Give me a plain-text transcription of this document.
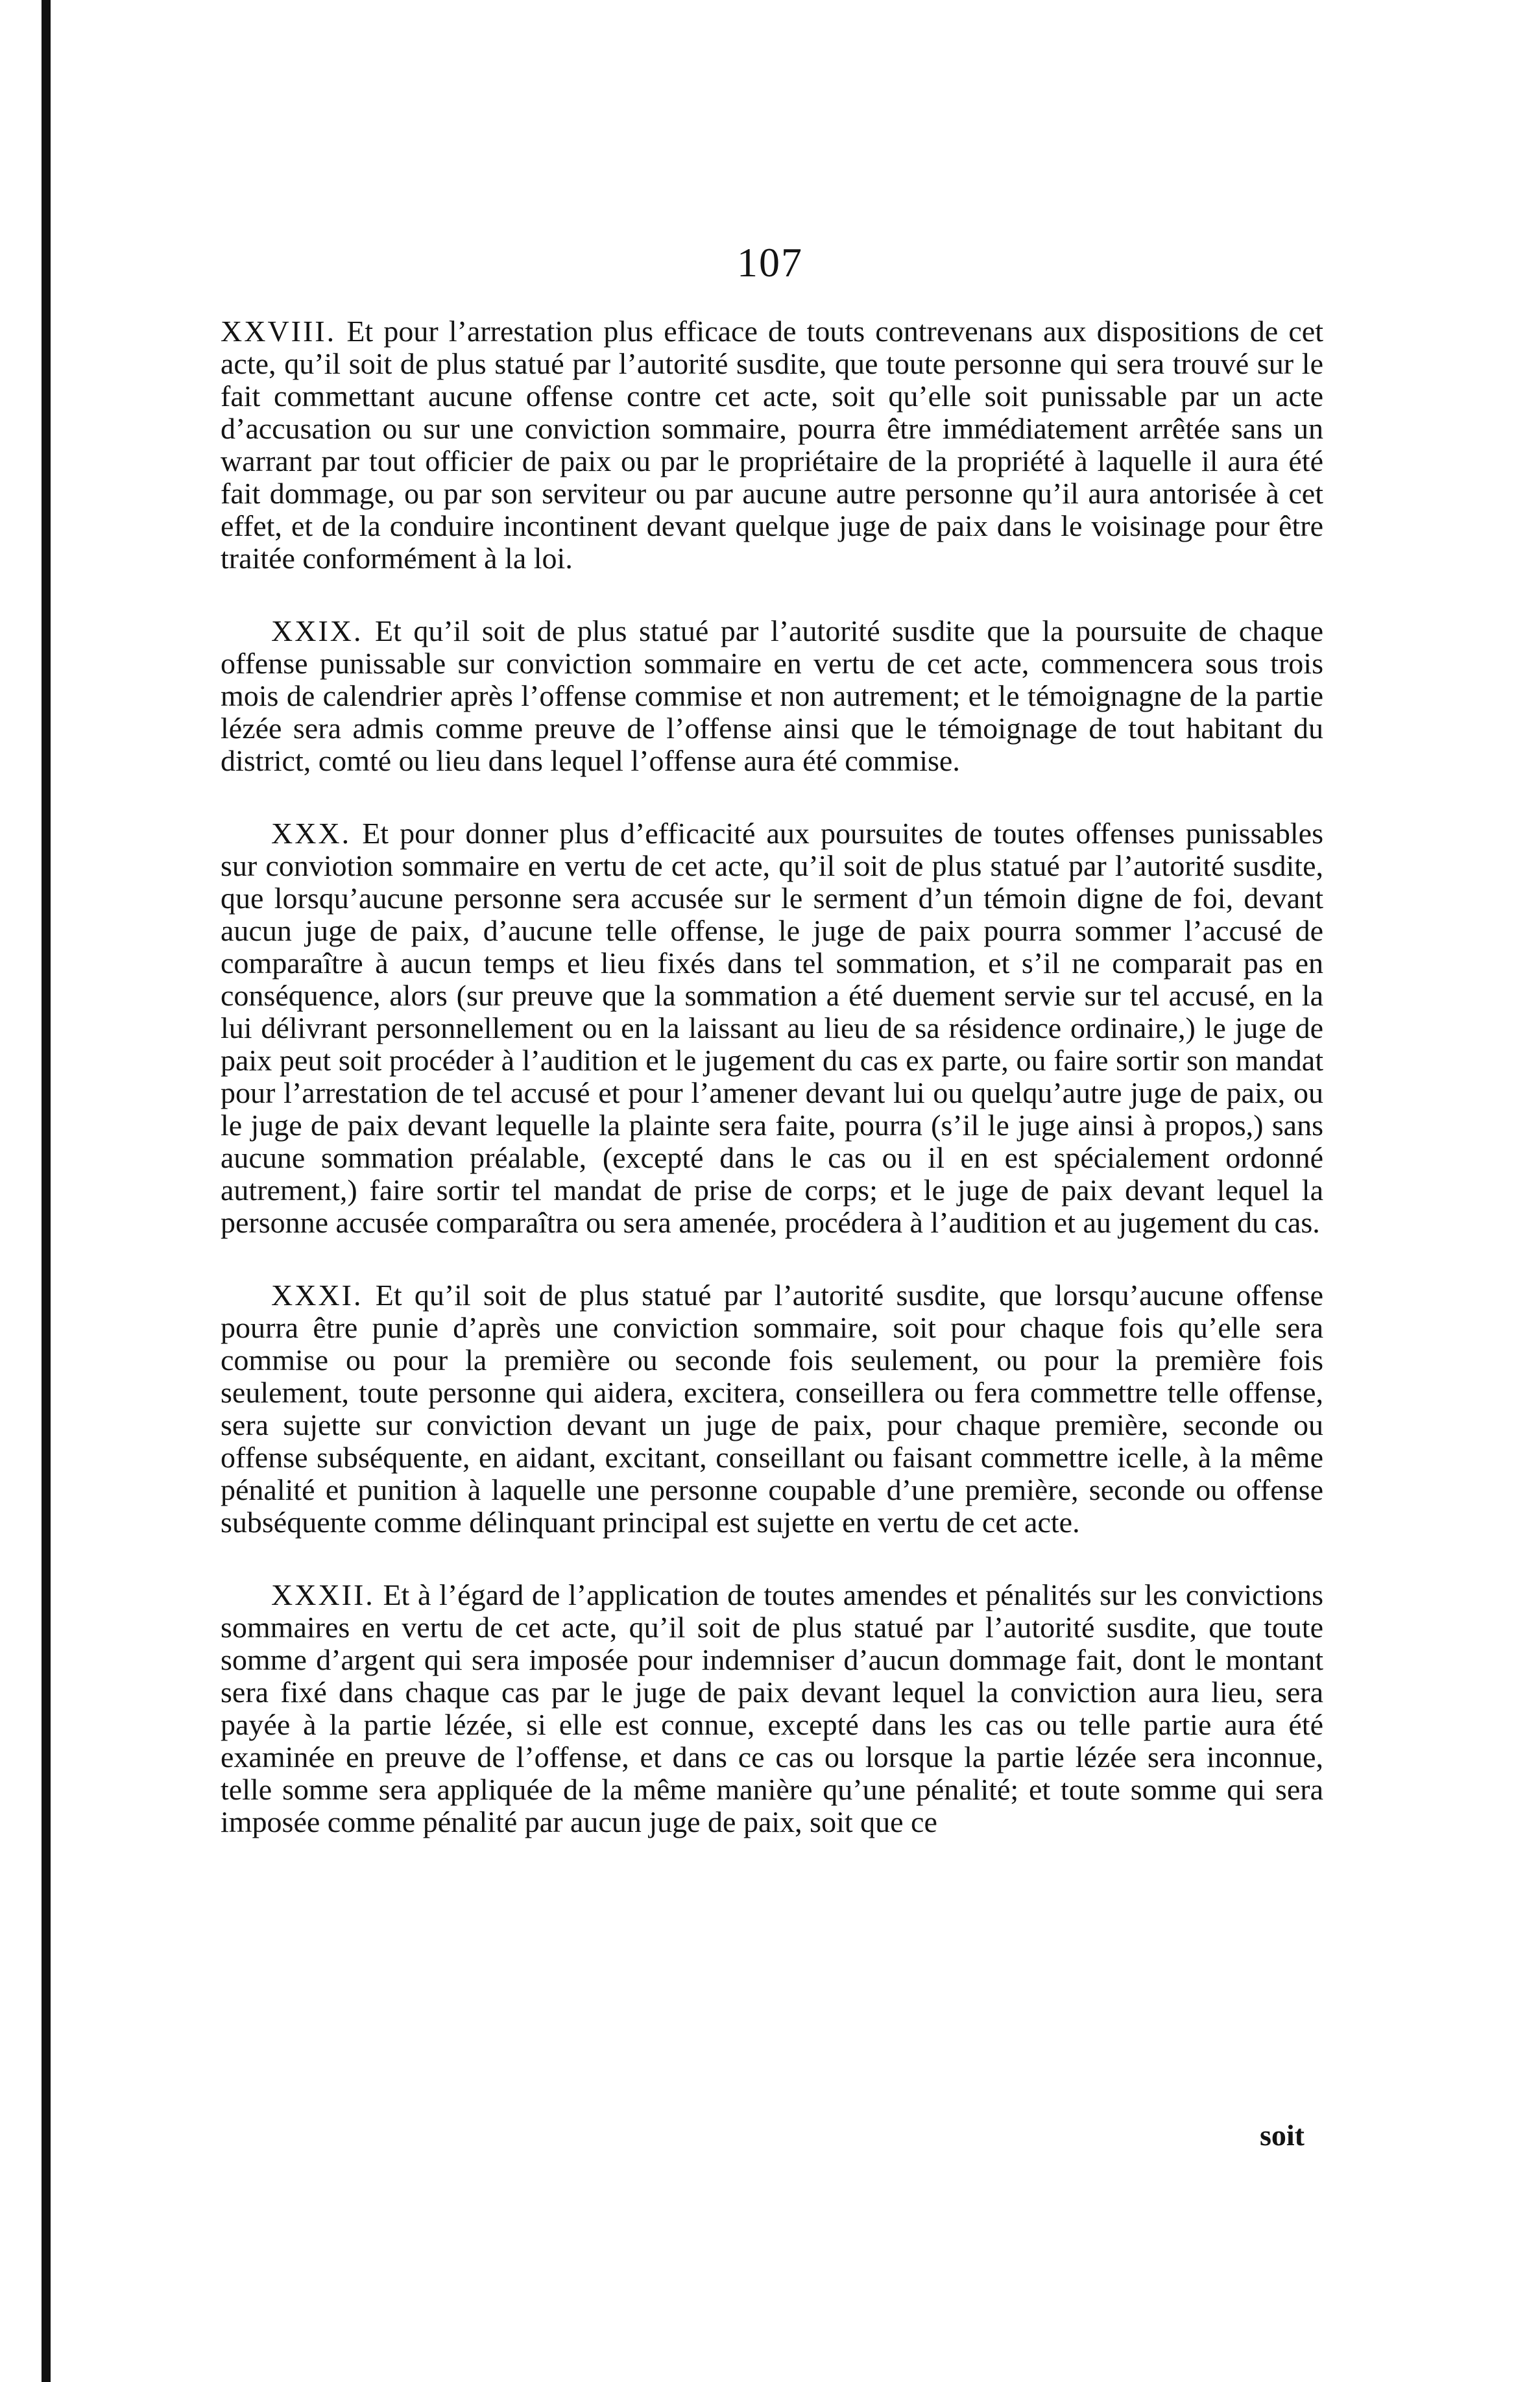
107

XXVIII. Et pour l’arrestation plus efficace de touts contrevenans aux dispositions de cet acte, qu’il soit de plus statué par l’autorité susdite, que toute personne qui sera trouvé sur le fait commettant aucune offense contre cet acte, soit qu’elle soit punissable par un acte d’accusation ou sur une conviction sommaire, pourra être immédiatement arrêtée sans un warrant par tout officier de paix ou par le propriétaire de la propriété à laquelle il aura été fait dommage, ou par son serviteur ou par aucune autre personne qu’il aura antorisée à cet effet, et de la conduire incontinent devant quelque juge de paix dans le voisinage pour être traitée conformément à la loi.

XXIX. Et qu’il soit de plus statué par l’autorité susdite que la poursuite de chaque offense punissable sur conviction sommaire en vertu de cet acte, commencera sous trois mois de calendrier après l’offense commise et non autrement; et le témoignagne de la partie lézée sera admis comme preuve de l’offense ainsi que le témoignage de tout habitant du district, comté ou lieu dans lequel l’offense aura été commise.

XXX. Et pour donner plus d’efficacité aux poursuites de toutes offenses punissables sur conviotion sommaire en vertu de cet acte, qu’il soit de plus statué par l’autorité susdite, que lorsqu’aucune personne sera accusée sur le serment d’un témoin digne de foi, devant aucun juge de paix, d’aucune telle offense, le juge de paix pourra sommer l’accusé de comparaître à aucun temps et lieu fixés dans tel sommation, et s’il ne comparait pas en conséquence, alors (sur preuve que la sommation a été duement servie sur tel accusé, en la lui délivrant personnellement ou en la laissant au lieu de sa résidence ordinaire,) le juge de paix peut soit procéder à l’audition et le jugement du cas ex parte, ou faire sortir son mandat pour l’arrestation de tel accusé et pour l’amener devant lui ou quelqu’autre juge de paix, ou le juge de paix devant lequelle la plainte sera faite, pourra (s’il le juge ainsi à propos,) sans aucune sommation préalable, (excepté dans le cas ou il en est spécialement ordonné autrement,) faire sortir tel mandat de prise de corps; et le juge de paix devant lequel la personne accusée comparaîtra ou sera amenée, procédera à l’audition et au jugement du cas.

XXXI. Et qu’il soit de plus statué par l’autorité susdite, que lorsqu’aucune offense pourra être punie d’après une conviction sommaire, soit pour chaque fois qu’elle sera commise ou pour la première ou seconde fois seulement, ou pour la première fois seulement, toute personne qui aidera, excitera, conseillera ou fera commettre telle offense, sera sujette sur conviction devant un juge de paix, pour chaque première, seconde ou offense subséquente, en aidant, excitant, conseillant ou faisant commettre icelle, à la même pénalité et punition à laquelle une personne coupable d’une première, seconde ou offense subséquente comme délinquant principal est sujette en vertu de cet acte.

XXXII. Et à l’égard de l’application de toutes amendes et pénalités sur les convictions sommaires en vertu de cet acte, qu’il soit de plus statué par l’autorité susdite, que toute somme d’argent qui sera imposée pour indemniser d’aucun dommage fait, dont le montant sera fixé dans chaque cas par le juge de paix devant lequel la conviction aura lieu, sera payée à la partie lézée, si elle est connue, excepté dans les cas ou telle partie aura été examinée en preuve de l’offense, et dans ce cas ou lorsque la partie lézée sera inconnue, telle somme sera appliquée de la même manière qu’une pénalité; et toute somme qui sera imposée comme pénalité par aucun juge de paix, soit que ce

soit
